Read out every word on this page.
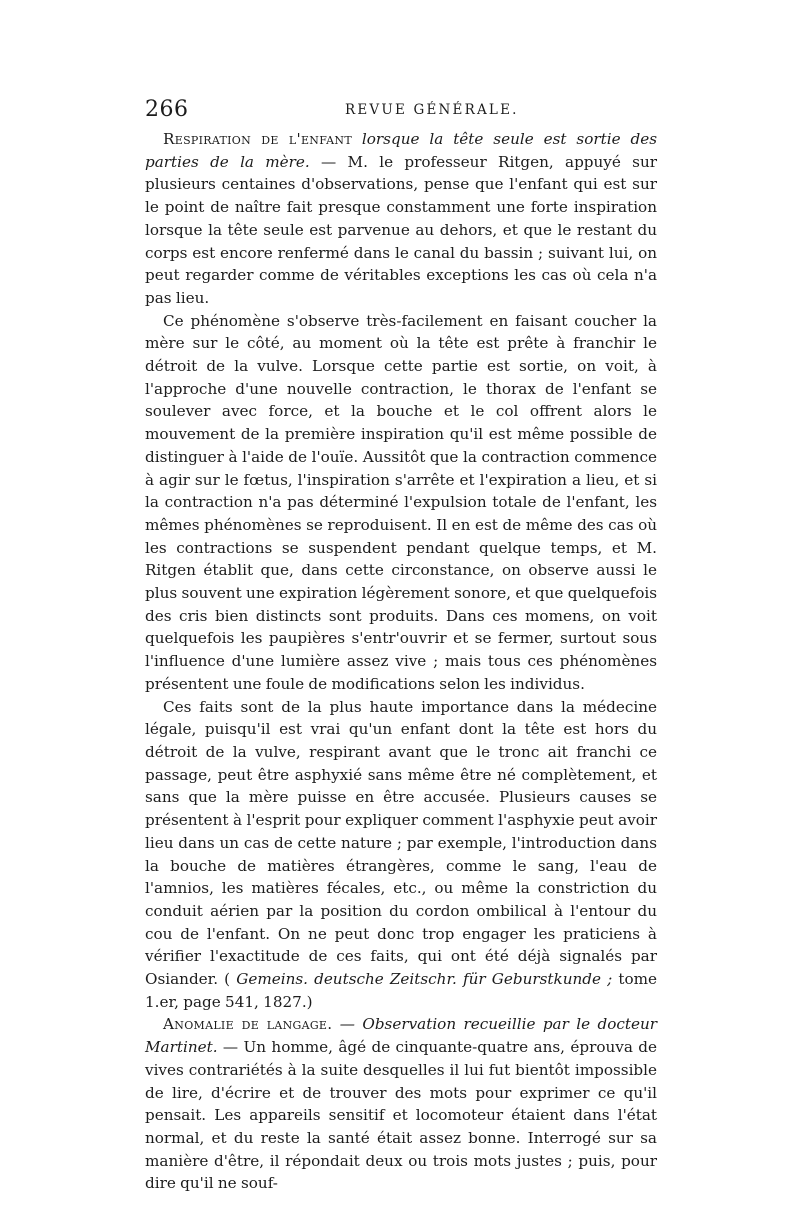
266	REVUE GÉNÉRALE.

Respiration de l'enfant lorsque la tête seule est sortie des parties de la mère. — M. le professeur Ritgen, appuyé sur plusieurs centaines d'observations, pense que l'enfant qui est sur le point de naître fait presque constamment une forte inspiration lorsque la tête seule est parvenue au dehors, et que le restant du corps est encore renfermé dans le canal du bassin ; suivant lui, on peut regarder comme de véritables exceptions les cas où cela n'a pas lieu.

Ce phénomène s'observe très-facilement en faisant coucher la mère sur le côté, au moment où la tête est prête à franchir le détroit de la vulve. Lorsque cette partie est sortie, on voit, à l'approche d'une nouvelle contraction, le thorax de l'enfant se soulever avec force, et la bouche et le col offrent alors le mouvement de la première inspiration qu'il est même possible de distinguer à l'aide de l'ouïe. Aussitôt que la contraction commence à agir sur le fœtus, l'inspiration s'arrête et l'expiration a lieu, et si la contraction n'a pas déterminé l'expulsion totale de l'enfant, les mêmes phénomènes se reproduisent. Il en est de même des cas où les contractions se suspendent pendant quelque temps, et M. Ritgen établit que, dans cette circonstance, on observe aussi le plus souvent une expiration légèrement sonore, et que quelquefois des cris bien distincts sont produits. Dans ces momens, on voit quelquefois les paupières s'entr'ouvrir et se fermer, surtout sous l'influence d'une lumière assez vive ; mais tous ces phénomènes présentent une foule de modifications selon les individus.

Ces faits sont de la plus haute importance dans la médecine légale, puisqu'il est vrai qu'un enfant dont la tête est hors du détroit de la vulve, respirant avant que le tronc ait franchi ce passage, peut être asphyxié sans même être né complètement, et sans que la mère puisse en être accusée. Plusieurs causes se présentent à l'esprit pour expliquer comment l'asphyxie peut avoir lieu dans un cas de cette nature ; par exemple, l'introduction dans la bouche de matières étrangères, comme le sang, l'eau de l'amnios, les matières fécales, etc., ou même la constriction du conduit aérien par la position du cordon ombilical à l'entour du cou de l'enfant. On ne peut donc trop engager les praticiens à vérifier l'exactitude de ces faits, qui ont été déjà signalés par Osiander. ( Gemeins. deutsche Zeitschr. für Geburstkunde ; tome 1.er, page 541, 1827.)

Anomalie de langage. — Observation recueillie par le docteur Martinet. — Un homme, âgé de cinquante-quatre ans, éprouva de vives contrariétés à la suite desquelles il lui fut bientôt impossible de lire, d'écrire et de trouver des mots pour exprimer ce qu'il pensait. Les appareils sensitif et locomoteur étaient dans l'état normal, et du reste la santé était assez bonne. Interrogé sur sa manière d'être, il répondait deux ou trois mots justes ; puis, pour dire qu'il ne souf-
